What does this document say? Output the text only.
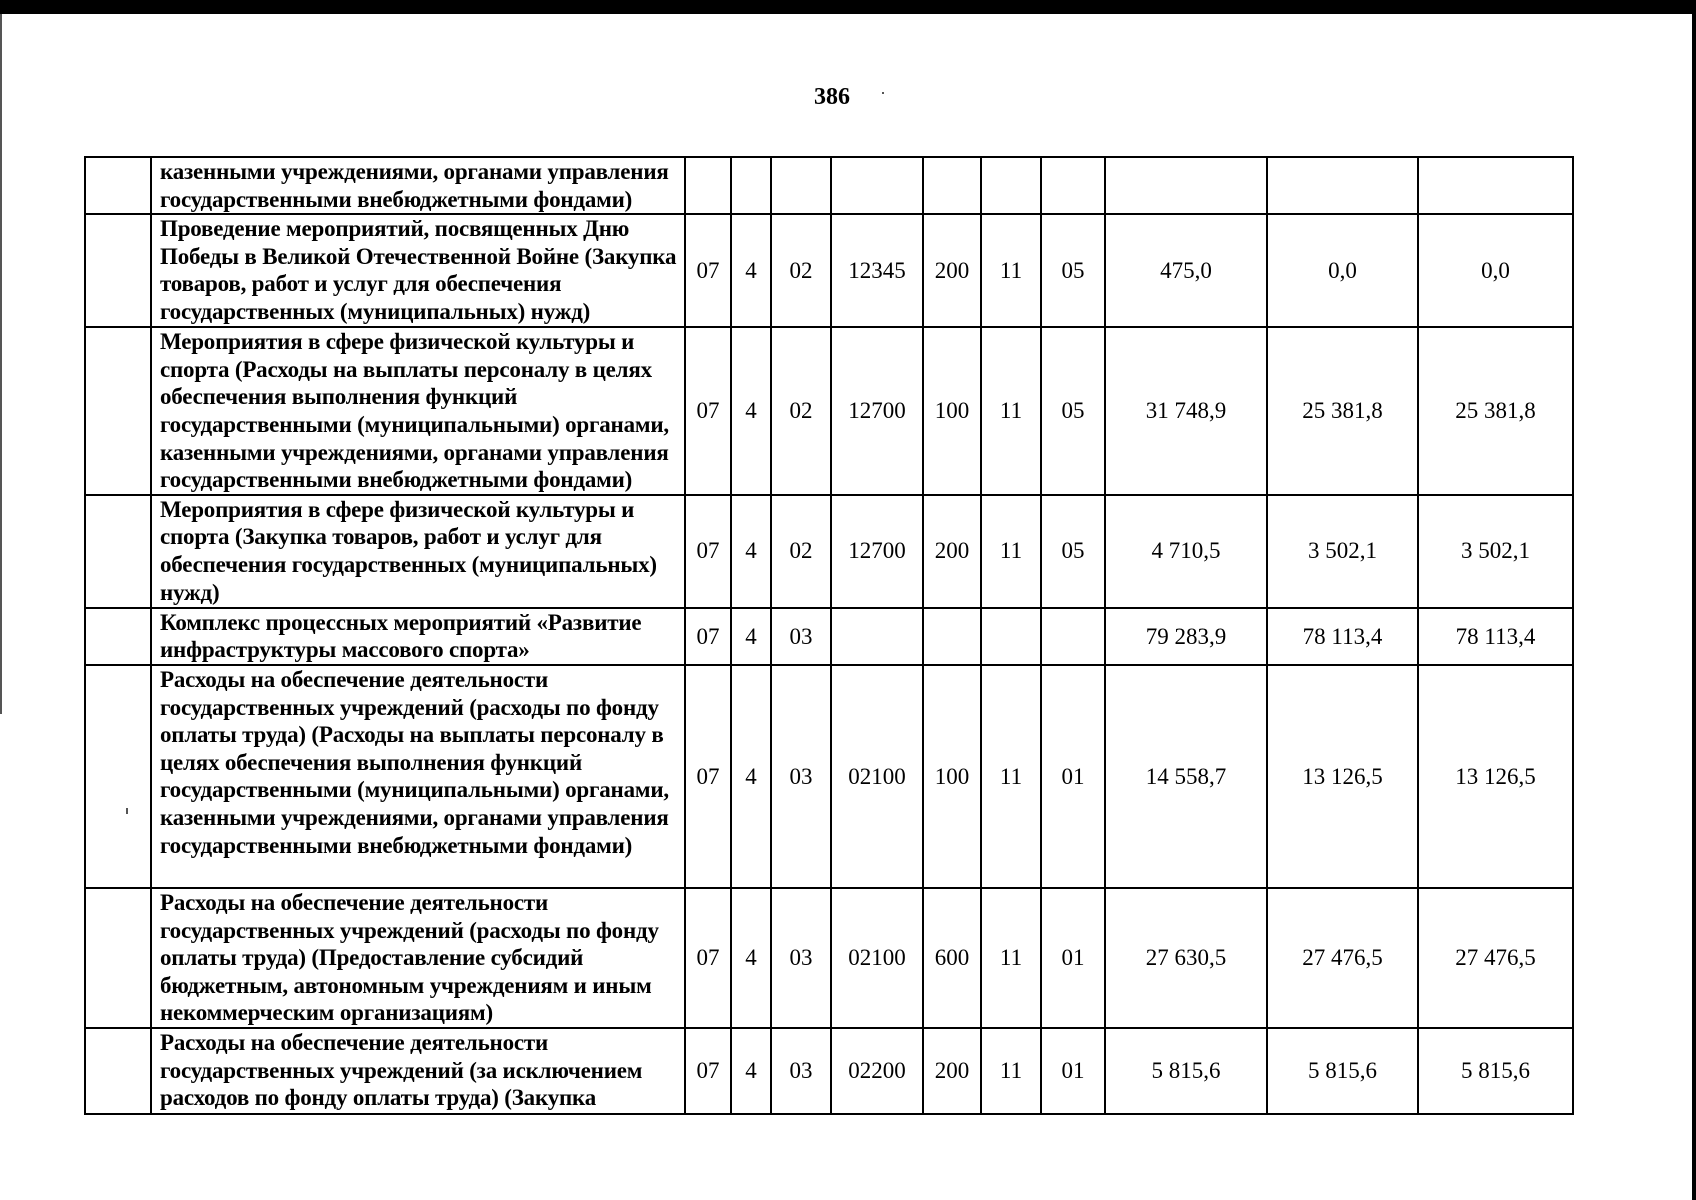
386
	казенными учреждениями, органами управления государственными внебюджетными фондами)										
	Проведение мероприятий, посвященных Дню Победы в Великой Отечественной Войне (Закупка товаров, работ и услуг для обеспечения государственных (муниципальных) нужд)	07	4	02	12345	200	11	05	475,0	0,0	0,0
	Мероприятия в сфере физической культуры и спорта (Расходы на выплаты персоналу в целях обеспечения выполнения функций государственными (муниципальными) органами, казенными учреждениями, органами управления государственными внебюджетными фондами)	07	4	02	12700	100	11	05	31 748,9	25 381,8	25 381,8
	Мероприятия в сфере физической культуры и спорта (Закупка товаров, работ и услуг для обеспечения государственных (муниципальных) нужд)	07	4	02	12700	200	11	05	4 710,5	3 502,1	3 502,1
	Комплекс процессных мероприятий «Развитие инфраструктуры массового спорта»	07	4	03					79 283,9	78 113,4	78 113,4
	Расходы на обеспечение деятельности государственных учреждений (расходы по фонду оплаты труда) (Расходы на выплаты персоналу в целях обеспечения выполнения функций государственными (муниципальными) органами, казенными учреждениями, органами управления государственными внебюджетными фондами)	07	4	03	02100	100	11	01	14 558,7	13 126,5	13 126,5
	Расходы на обеспечение деятельности государственных учреждений (расходы по фонду оплаты труда) (Предоставление субсидий бюджетным, автономным учреждениям и иным некоммерческим организациям)	07	4	03	02100	600	11	01	27 630,5	27 476,5	27 476,5
	Расходы на обеспечение деятельности государственных учреждений (за исключением расходов по фонду оплаты труда) (Закупка	07	4	03	02200	200	11	01	5 815,6	5 815,6	5 815,6
